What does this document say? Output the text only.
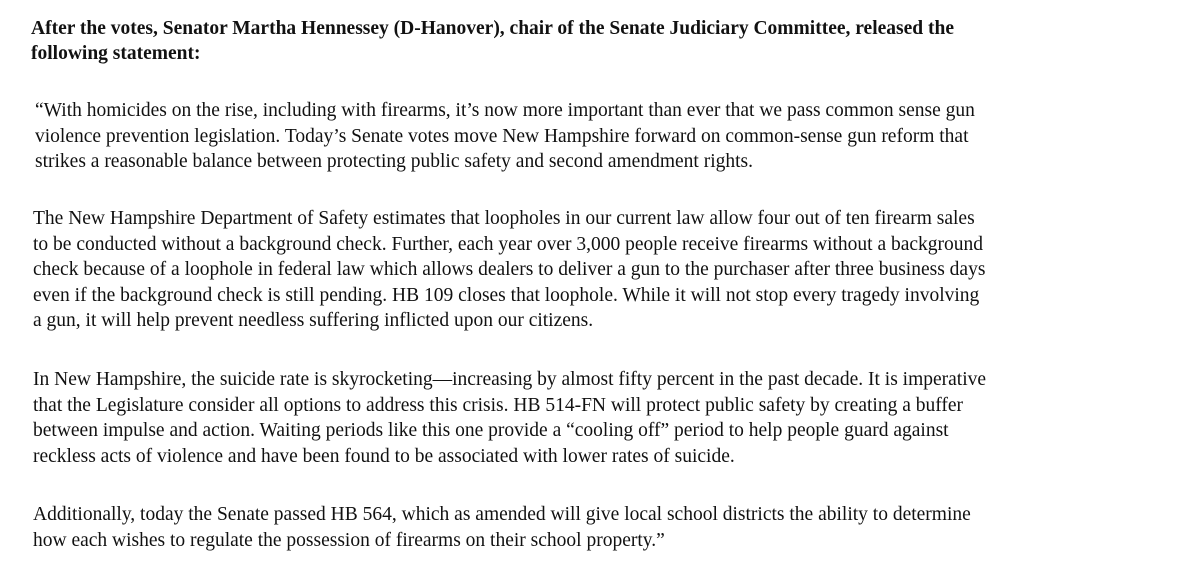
After the votes, Senator Martha Hennessey (D-Hanover), chair of the Senate Judiciary Committee, released the
following statement:

“With homicides on the rise, including with firearms, it’s now more important than ever that we pass common sense gun
violence prevention legislation. Today’s Senate votes move New Hampshire forward on common-sense gun reform that
strikes a reasonable balance between protecting public safety and second amendment rights.

The New Hampshire Department of Safety estimates that loopholes in our current law allow four out of ten firearm sales
to be conducted without a background check. Further, each year over 3,000 people receive firearms without a background
check because of a loophole in federal law which allows dealers to deliver a gun to the purchaser after three business days
even if the background check is still pending. HB 109 closes that loophole. While it will not stop every tragedy involving
a gun, it will help prevent needless suffering inflicted upon our citizens.

In New Hampshire, the suicide rate is skyrocketing—increasing by almost fifty percent in the past decade. It is imperative
that the Legislature consider all options to address this crisis. HB 514-FN will protect public safety by creating a buffer
between impulse and action. Waiting periods like this one provide a “cooling off” period to help people guard against
reckless acts of violence and have been found to be associated with lower rates of suicide.

Additionally, today the Senate passed HB 564, which as amended will give local school districts the ability to determine
how each wishes to regulate the possession of firearms on their school property.”
